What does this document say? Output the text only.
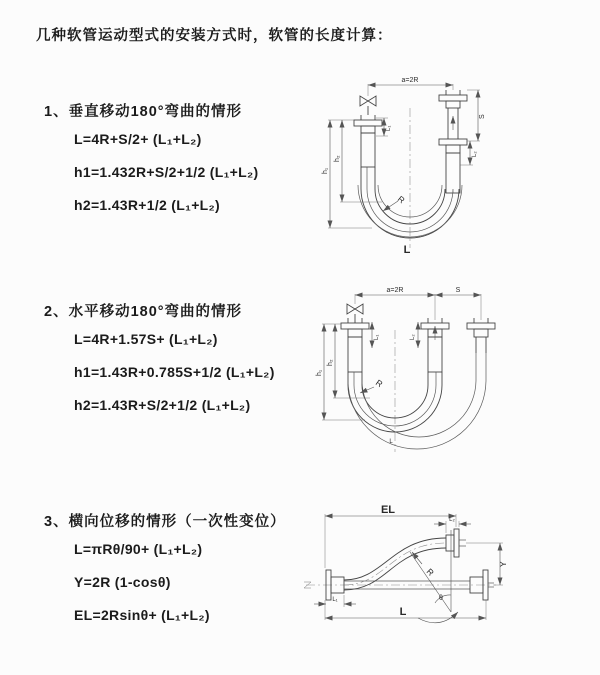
几种软管运动型式的安装方式时，软管的长度计算：

1、垂直移动180°弯曲的情形

L=4R+S/2+ (L₁+L₂)
h1=1.432R+S/2+1/2 (L₁+L₂)
h2=1.43R+1/2 (L₁+L₂)

2、水平移动180°弯曲的情形

L=4R+1.57S+ (L₁+L₂)
h1=1.43R+0.785S+1/2 (L₁+L₂)
h2=1.43R+S/2+1/2 (L₁+L₂)

3、横向位移的情形（一次性变位）

L=πRθ/90+ (L₁+L₂)
Y=2R (1-cosθ)
EL=2Rsinθ+ (L₁+L₂)
a=2R
R
L
h₁
h₂
L₁
S
L₂
a=2R	S
R
L
h₁
h₂
L₁	L₂
EL
L₂
Y
L
L₁
R
θ
